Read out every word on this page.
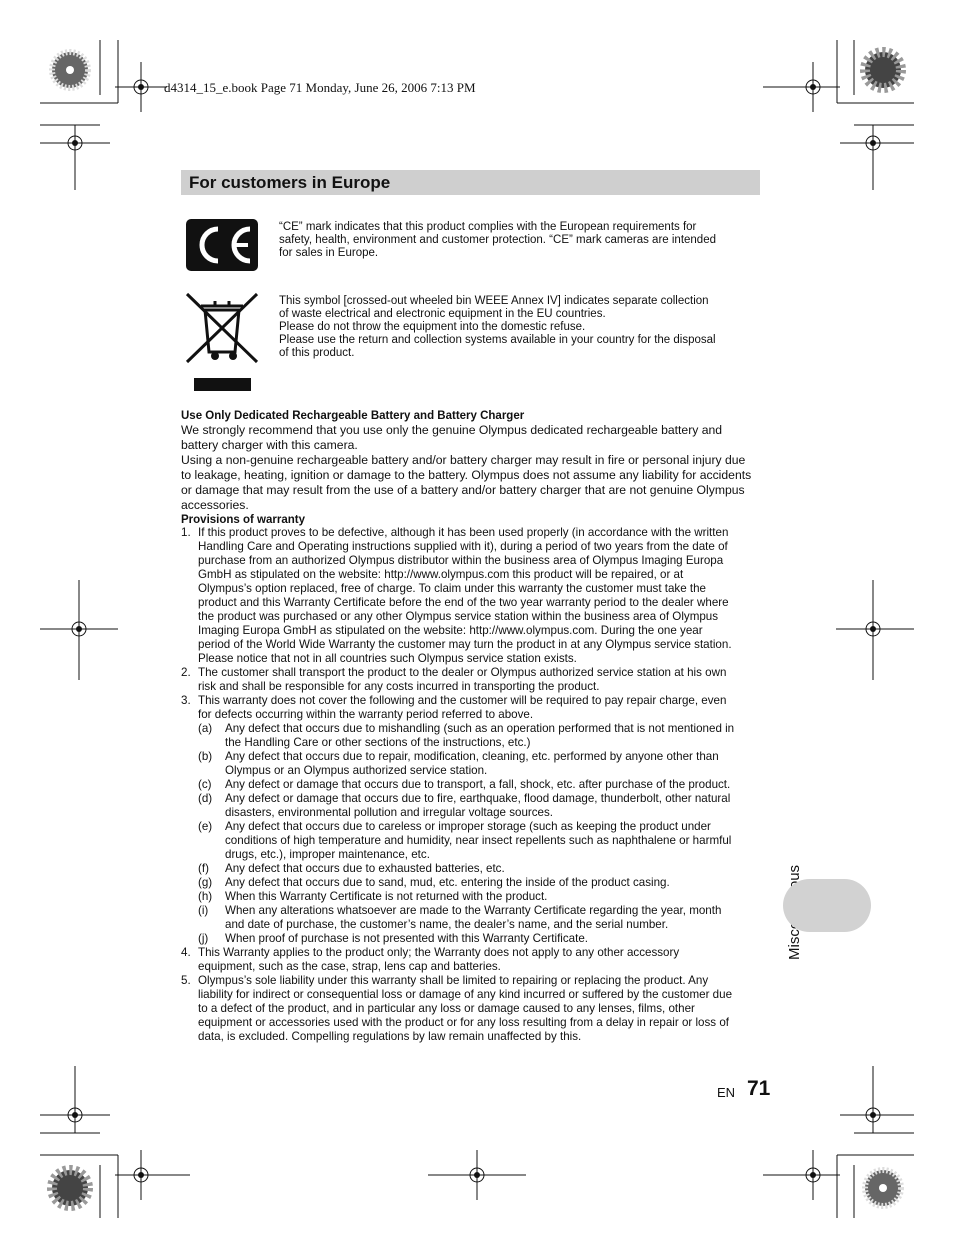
d4314_15_e.book Page 71 Monday, June 26, 2006 7:13 PM
For customers in Europe
“CE” mark indicates that this product complies with the European requirements for
safety, health, environment and customer protection. “CE” mark cameras are intended
for sales in Europe.
This symbol [crossed-out wheeled bin WEEE Annex IV] indicates separate collection
of waste electrical and electronic equipment in the EU countries.
Please do not throw the equipment into the domestic refuse.
Please use the return and collection systems available in your country for the disposal
of this product.
Use Only Dedicated Rechargeable Battery and Battery Charger
We strongly recommend that you use only the genuine Olympus dedicated rechargeable battery and
battery charger with this camera.
Using a non-genuine rechargeable battery and/or battery charger may result in fire or personal injury due
to leakage, heating, ignition or damage to the battery. Olympus does not assume any liability for accidents
or damage that may result from the use of a battery and/or battery charger that are not genuine Olympus
accessories.
Provisions of warranty
1. If this product proves to be defective, although it has been used properly (in accordance with the written
Handling Care and Operating instructions supplied with it), during a period of two years from the date of
purchase from an authorized Olympus distributor within the business area of Olympus Imaging Europa
GmbH as stipulated on the website: http://www.olympus.com this product will be repaired, or at
Olympus’s option replaced, free of charge. To claim under this warranty the customer must take the
product and this Warranty Certificate before the end of the two year warranty period to the dealer where
the product was purchased or any other Olympus service station within the business area of Olympus
Imaging Europa GmbH as stipulated on the website: http://www.olympus.com. During the one year
period of the World Wide Warranty the customer may turn the product in at any Olympus service station.
Please notice that not in all countries such Olympus service station exists.
2. The customer shall transport the product to the dealer or Olympus authorized service station at his own
risk and shall be responsible for any costs incurred in transporting the product.
3. This warranty does not cover the following and the customer will be required to pay repair charge, even
for defects occurring within the warranty period referred to above.
(a) Any defect that occurs due to mishandling (such as an operation performed that is not mentioned in
the Handling Care or other sections of the instructions, etc.)
(b) Any defect that occurs due to repair, modification, cleaning, etc. performed by anyone other than
Olympus or an Olympus authorized service station.
(c) Any defect or damage that occurs due to transport, a fall, shock, etc. after purchase of the product.
(d) Any defect or damage that occurs due to fire, earthquake, flood damage, thunderbolt, other natural
disasters, environmental pollution and irregular voltage sources.
(e) Any defect that occurs due to careless or improper storage (such as keeping the product under
conditions of high temperature and humidity, near insect repellents such as naphthalene or harmful
drugs, etc.), improper maintenance, etc.
(f) Any defect that occurs due to exhausted batteries, etc.
(g) Any defect that occurs due to sand, mud, etc. entering the inside of the product casing.
(h) When this Warranty Certificate is not returned with the product.
(i) When any alterations whatsoever are made to the Warranty Certificate regarding the year, month
and date of purchase, the customer’s name, the dealer’s name, and the serial number.
(j) When proof of purchase is not presented with this Warranty Certificate.
4. This Warranty applies to the product only; the Warranty does not apply to any other accessory
equipment, such as the case, strap, lens cap and batteries.
5. Olympus’s sole liability under this warranty shall be limited to repairing or replacing the product. Any
liability for indirect or consequential loss or damage of any kind incurred or suffered by the customer due
to a defect of the product, and in particular any loss or damage caused to any lenses, films, other
equipment or accessories used with the product or for any loss resulting from a delay in repair or loss of
data, is excluded. Compelling regulations by law remain unaffected by this.
EN 71
